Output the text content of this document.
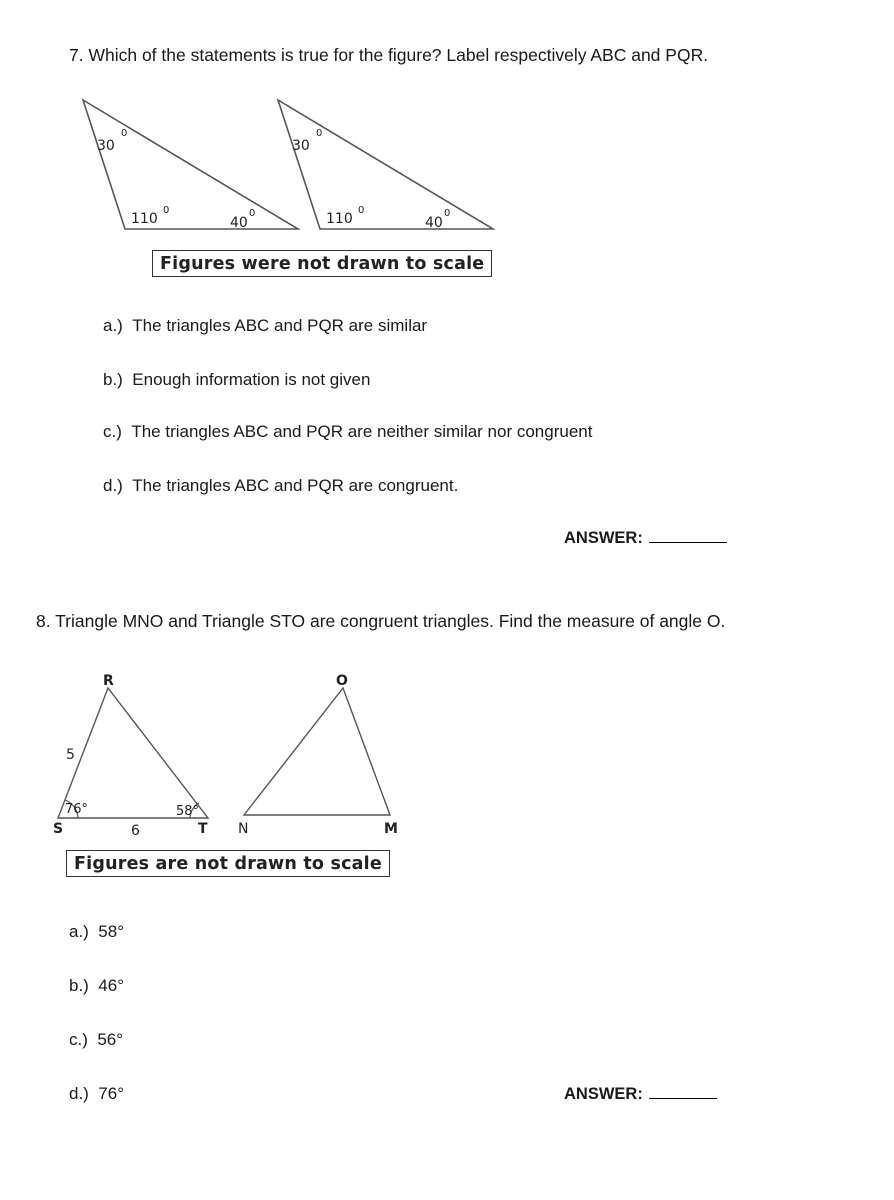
7. Which of the statements is true for the figure? Label respectively ABC and PQR.
30
0
110
0
40
0
30
0
110
0
40
0
Figures were not drawn to scale
a.) The triangles ABC and PQR are similar
b.) Enough information is not given
c.) The triangles ABC and PQR are neither similar nor congruent
d.) The triangles ABC and PQR are congruent.
ANSWER:
8. Triangle MNO and Triangle STO are congruent triangles. Find the measure of angle O.
R
S	T
O
N	M
5
6
76°	58°
Figures are not drawn to scale
a.) 58°
b.) 46°
c.) 56°
d.) 76°	ANSWER:
